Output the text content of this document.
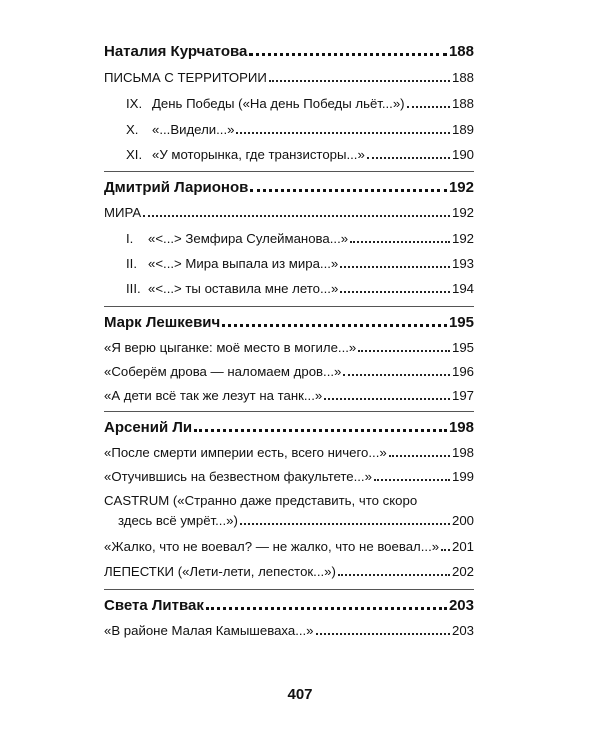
Наталия Курчатова	188
ПИСЬМА С ТЕРРИТОРИИ	188
IX. День Победы («На день Победы льёт...»)	188
X.	«...Видели...»	189
XI. «У моторынка, где транзисторы...»	190
Дмитрий Ларионов	192
МИРА	192
I.	«<...> Земфира Сулейманова...»	192
II. «<...> Мира выпала из мира...»	193
III. «<...> ты оставила мне лето...»	194
Марк Лешкевич	195
«Я верю цыганке: моё место в могиле...»	195
«Соберём дрова — наломаем дров...»	196
«А дети всё так же лезут на танк...»	197
Арсений Ли	198
«После смерти империи есть, всего ничего...»	198
«Отучившись на безвестном факультете...»	199
CASTRUM («Странно даже представить, что скоро
здесь всё умрёт...»)	200
«Жалко, что не воевал? — не жалко, что не воевал...» 201
ЛЕПЕСТКИ («Лети-лети, лепесток...»)	202
Света Литвак	203
«В районе Малая Камышеваха...»	203
407
